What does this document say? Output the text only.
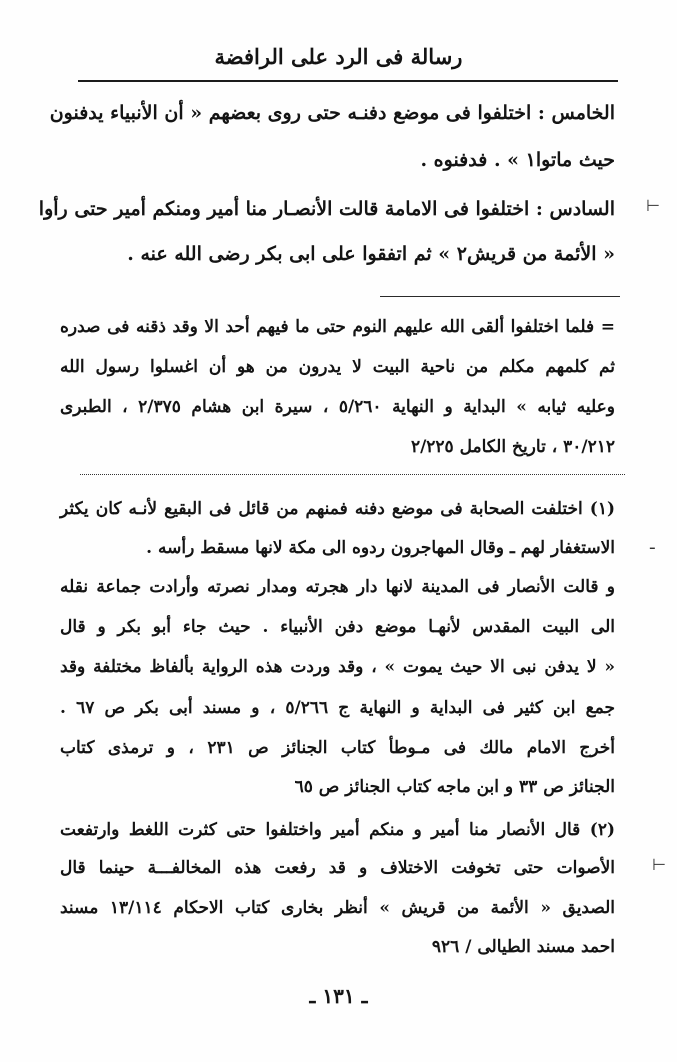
رسالة فى الرد على الرافضة
الخامس : اختلفوا فى موضع دفنـه حتى روى بعضهم « أن الأنبياء يدفنون
حيث ماتوا١ » . فدفنوه .
السادس : اختلفوا فى الامامة قالت الأنصـار منا أمير ومنكم أمير حتى رأوا
« الأئمة من قريش٢ » ثم اتفقوا على ابى بكر رضى الله عنه .
⊢
= فلما اختلفوا ألقى الله عليهم النوم حتى ما فيهم أحد الا وقد ذقنه فى صدره
ثم كلمهم مكلم من ناحية البيت لا يدرون من هو أن اغسلوا رسول الله
وعليه ثيابه » البداية و النهاية ٥/٢٦٠ ، سيرة ابن هشام ٢/٣٧٥ ، الطبرى
٣٠/٢١٢ ، تاريخ الكامل ٢/٢٢٥
(١) اختلفت الصحابة فى موضع دفنه فمنهم من قائل فى البقيع لأنـه كان يكثر
الاستغفار لهم ـ وقال المهاجرون ردوه الى مكة لانها مسقط رأسه .
و قالت الأنصار فى المدينة لانها دار هجرته ومدار نصرته وأرادت جماعة نقله
الى البيت المقدس لأنهـا موضع دفن الأنبياء . حيث جاء أبو بكر و قال
« لا يدفن نبى الا حيث يموت » ، وقد وردت هذه الرواية بألفاظ مختلفة وقد
جمع ابن كثير فى البداية و النهاية ج ٥/٢٦٦ ، و مسند أبى بكر ص ٦٧ .
أخرج الامام مالك فى مـوطأ كتاب الجنائز ص ٢٣١ ، و ترمذى كتاب
الجنائز ص ٣٣ و ابن ماجه كتاب الجنائز ص ٦٥
ـ
(٢) قال الأنصار منا أمير و منكم أمير واختلفوا حتى كثرت اللغط وارتفعت
الأصوات حتى تخوفت الاختلاف و قد رفعت هذه المخالفـــة حينما قال
الصديق « الأئمة من قريش » أنظر بخارى كتاب الاحكام ١٣/١١٤ مسند
احمد مسند الطيالى / ٩٢٦
⊢
ـ ١٣١ ـ
